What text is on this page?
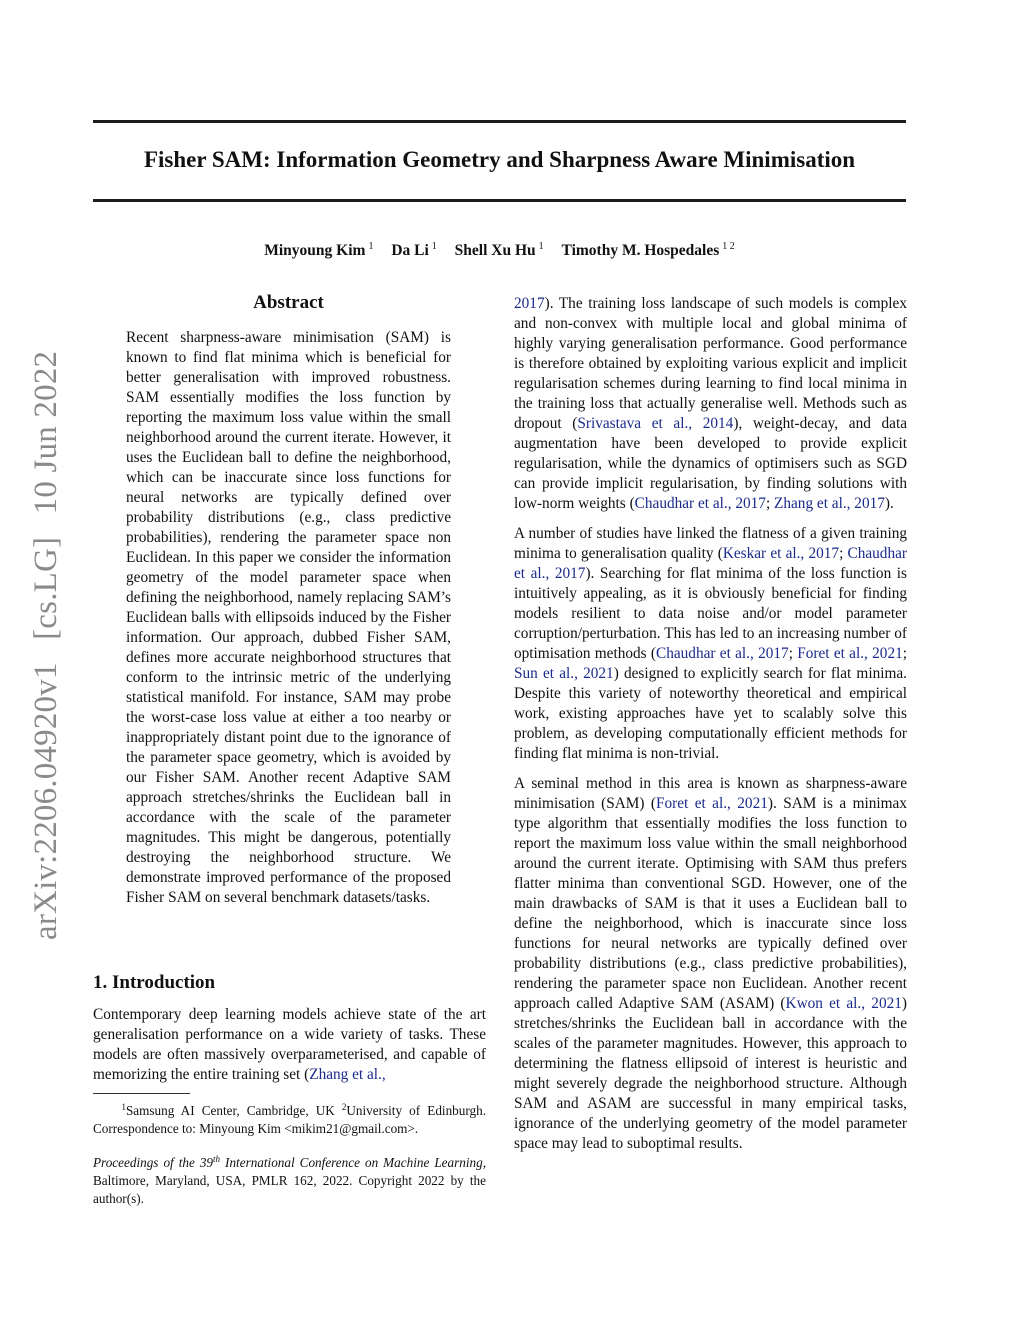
arXiv:2206.04920v1 [cs.LG] 10 Jun 2022
Fisher SAM: Information Geometry and Sharpness Aware Minimisation
Minyoung Kim $^1$ Da Li $^1$ Shell Xu Hu $^1$ Timothy M. Hospedales $^{1 2}$
Abstract
Recent sharpness-aware minimisation (SAM) is known to find flat minima which is beneficial for better generalisation with improved robustness. SAM essentially modifies the loss function by reporting the maximum loss value within the small neighborhood around the current iterate. However, it uses the Euclidean ball to define the neighborhood, which can be inaccurate since loss functions for neural networks are typically defined over probability distributions (e.g., class predictive probabilities), rendering the parameter space non Euclidean. In this paper we consider the information geometry of the model parameter space when defining the neighborhood, namely replacing SAM’s Euclidean balls with ellipsoids induced by the Fisher information. Our approach, dubbed Fisher SAM, defines more accurate neighborhood structures that conform to the intrinsic metric of the underlying statistical manifold. For instance, SAM may probe the worst-case loss value at either a too nearby or inappropriately distant point due to the ignorance of the parameter space geometry, which is avoided by our Fisher SAM. Another recent Adaptive SAM approach stretches/shrinks the Euclidean ball in accordance with the scale of the parameter magnitudes. This might be dangerous, potentially destroying the neighborhood structure. We demonstrate improved performance of the proposed Fisher SAM on several benchmark datasets/tasks.
1. Introduction
Contemporary deep learning models achieve state of the art generalisation performance on a wide variety of tasks. These models are often massively overparameterised, and capable of memorizing the entire training set (Zhang et al.,
$^1$Samsung AI Center, Cambridge, UK $^2$University of Edinburgh. Correspondence to: Minyoung Kim <mikim21@gmail.com>.
Proceedings of the 39th International Conference on Machine Learning, Baltimore, Maryland, USA, PMLR 162, 2022. Copyright 2022 by the author(s).

2017). The training loss landscape of such models is complex and non-convex with multiple local and global minima of highly varying generalisation performance. Good performance is therefore obtained by exploiting various explicit and implicit regularisation schemes during learning to find local minima in the training loss that actually generalise well. Methods such as dropout (Srivastava et al., 2014), weight-decay, and data augmentation have been developed to provide explicit regularisation, while the dynamics of optimisers such as SGD can provide implicit regularisation, by finding solutions with low-norm weights (Chaudhar et al., 2017; Zhang et al., 2017).

A number of studies have linked the flatness of a given training minima to generalisation quality (Keskar et al., 2017; Chaudhar et al., 2017). Searching for flat minima of the loss function is intuitively appealing, as it is obviously beneficial for finding models resilient to data noise and/or model parameter corruption/perturbation. This has led to an increasing number of optimisation methods (Chaudhar et al., 2017; Foret et al., 2021; Sun et al., 2021) designed to explicitly search for flat minima. Despite this variety of noteworthy theoretical and empirical work, existing approaches have yet to scalably solve this problem, as developing computationally efficient methods for finding flat minima is non-trivial.

A seminal method in this area is known as sharpness-aware minimisation (SAM) (Foret et al., 2021). SAM is a minimax type algorithm that essentially modifies the loss function to report the maximum loss value within the small neighborhood around the current iterate. Optimising with SAM thus prefers flatter minima than conventional SGD. However, one of the main drawbacks of SAM is that it uses a Euclidean ball to define the neighborhood, which is inaccurate since loss functions for neural networks are typically defined over probability distributions (e.g., class predictive probabilities), rendering the parameter space non Euclidean. Another recent approach called Adaptive SAM (ASAM) (Kwon et al., 2021) stretches/shrinks the Euclidean ball in accordance with the scales of the parameter magnitudes. However, this approach to determining the flatness ellipsoid of interest is heuristic and might severely degrade the neighborhood structure. Although SAM and ASAM are successful in many empirical tasks, ignorance of the underlying geometry of the model parameter space may lead to suboptimal results.
